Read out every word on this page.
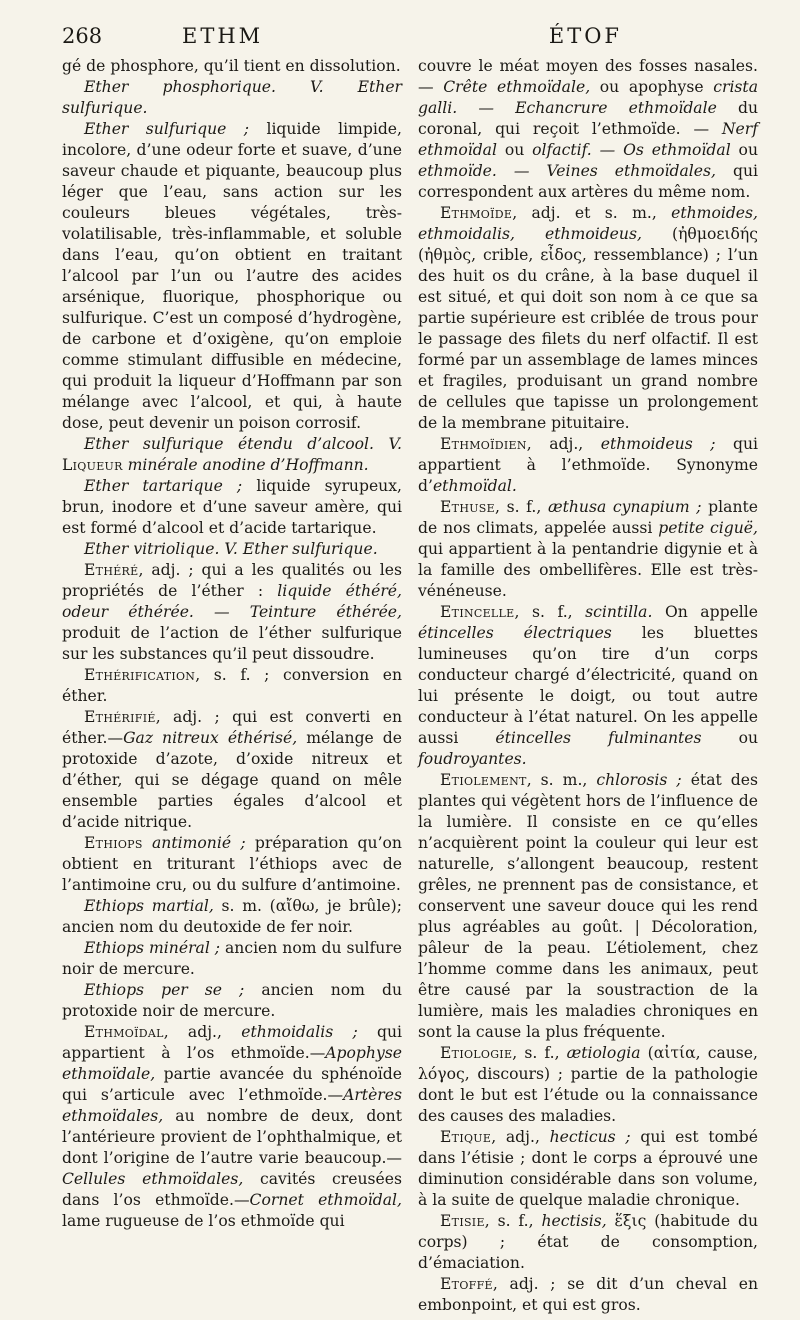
268	ETHM	ÉTOF

gé de phosphore, qu’il tient en dissolution.

Ether phosphorique. V. Ether sulfurique.

Ether sulfurique ; liquide limpide, incolore, d’une odeur forte et suave, d’une saveur chaude et piquante, beaucoup plus léger que l’eau, sans action sur les couleurs bleues végétales, très-volatilisable, très-inflammable, et soluble dans l’eau, qu’on obtient en traitant l’alcool par l’un ou l’autre des acides arsénique, fluorique, phosphorique ou sulfurique. C’est un composé d’hydrogène, de carbone et d’oxigène, qu’on emploie comme stimulant diffusible en médecine, qui produit la liqueur d’Hoffmann par son mélange avec l’alcool, et qui, à haute dose, peut devenir un poison corrosif.

Ether sulfurique étendu d’alcool. V. Liqueur minérale anodine d’Hoffmann.

Ether tartarique ; liquide syrupeux, brun, inodore et d’une saveur amère, qui est formé d’alcool et d’acide tartarique.

Ether vitriolique. V. Ether sulfurique.

Ethéré, adj. ; qui a les qualités ou les propriétés de l’éther : liquide éthéré, odeur éthérée. — Teinture éthérée, produit de l’action de l’éther sulfurique sur les substances qu’il peut dissoudre.

Ethérification, s. f. ; conversion en éther.

Ethérifié, adj. ; qui est converti en éther.—Gaz nitreux éthérisé, mélange de protoxide d’azote, d’oxide nitreux et d’éther, qui se dégage quand on mêle ensemble parties égales d’alcool et d’acide nitrique.

Ethiops antimonié ; préparation qu’on obtient en triturant l’éthiops avec de l’antimoine cru, ou du sulfure d’antimoine.

Ethiops martial, s. m. (αἴθω, je brûle); ancien nom du deutoxide de fer noir.

Ethiops minéral ; ancien nom du sulfure noir de mercure.

Ethiops per se ; ancien nom du protoxide noir de mercure.

Ethmoïdal, adj., ethmoidalis ; qui appartient à l’os ethmoïde.—Apophyse ethmoïdale, partie avancée du sphénoïde qui s’articule avec l’ethmoïde.—Artères ethmoïdales, au nombre de deux, dont l’antérieure provient de l’ophthalmique, et dont l’origine de l’autre varie beaucoup.—Cellules ethmoïdales, cavités creusées dans l’os ethmoïde.—Cornet ethmoïdal, lame rugueuse de l’os ethmoïde qui

couvre le méat moyen des fosses nasales. — Crête ethmoïdale, ou apophyse crista galli. — Echancrure ethmoïdale du coronal, qui reçoit l’ethmoïde. — Nerf ethmoïdal ou olfactif. — Os ethmoïdal ou ethmoïde. — Veines ethmoïdales, qui correspondent aux artères du même nom.

Ethmoïde, adj. et s. m., ethmoides, ethmoidalis, ethmoideus, (ἠθμοειδής (ἠθμὸς, crible, εἶδος, ressemblance) ; l’un des huit os du crâne, à la base duquel il est situé, et qui doit son nom à ce que sa partie supérieure est criblée de trous pour le passage des filets du nerf olfactif. Il est formé par un assemblage de lames minces et fragiles, produisant un grand nombre de cellules que tapisse un prolongement de la membrane pituitaire.

Ethmoïdien, adj., ethmoideus ; qui appartient à l’ethmoïde. Synonyme d’ethmoïdal.

Ethuse, s. f., æthusa cynapium ; plante de nos climats, appelée aussi petite ciguë, qui appartient à la pentandrie digynie et à la famille des ombellifères. Elle est très-vénéneuse.

Etincelle, s. f., scintilla. On appelle étincelles électriques les bluettes lumineuses qu’on tire d’un corps conducteur chargé d’électricité, quand on lui présente le doigt, ou tout autre conducteur à l’état naturel. On les appelle aussi étincelles fulminantes ou foudroyantes.

Etiolement, s. m., chlorosis ; état des plantes qui végètent hors de l’influence de la lumière. Il consiste en ce qu’elles n’acquièrent point la couleur qui leur est naturelle, s’allongent beaucoup, restent grêles, ne prennent pas de consistance, et conservent une saveur douce qui les rend plus agréables au goût. | Décoloration, pâleur de la peau. L’étiolement, chez l’homme comme dans les animaux, peut être causé par la soustraction de la lumière, mais les maladies chroniques en sont la cause la plus fréquente.

Etiologie, s. f., ætiologia (αἰτία, cause, λόγος, discours) ; partie de la pathologie dont le but est l’étude ou la connaissance des causes des maladies.

Etique, adj., hecticus ; qui est tombé dans l’étisie ; dont le corps a éprouvé une diminution considérable dans son volume, à la suite de quelque maladie chronique.

Etisie, s. f., hectisis, ἕξις (habitude du corps) ; état de consomption, d’émaciation.

Etoffé, adj. ; se dit d’un cheval en embonpoint, et qui est gros.
